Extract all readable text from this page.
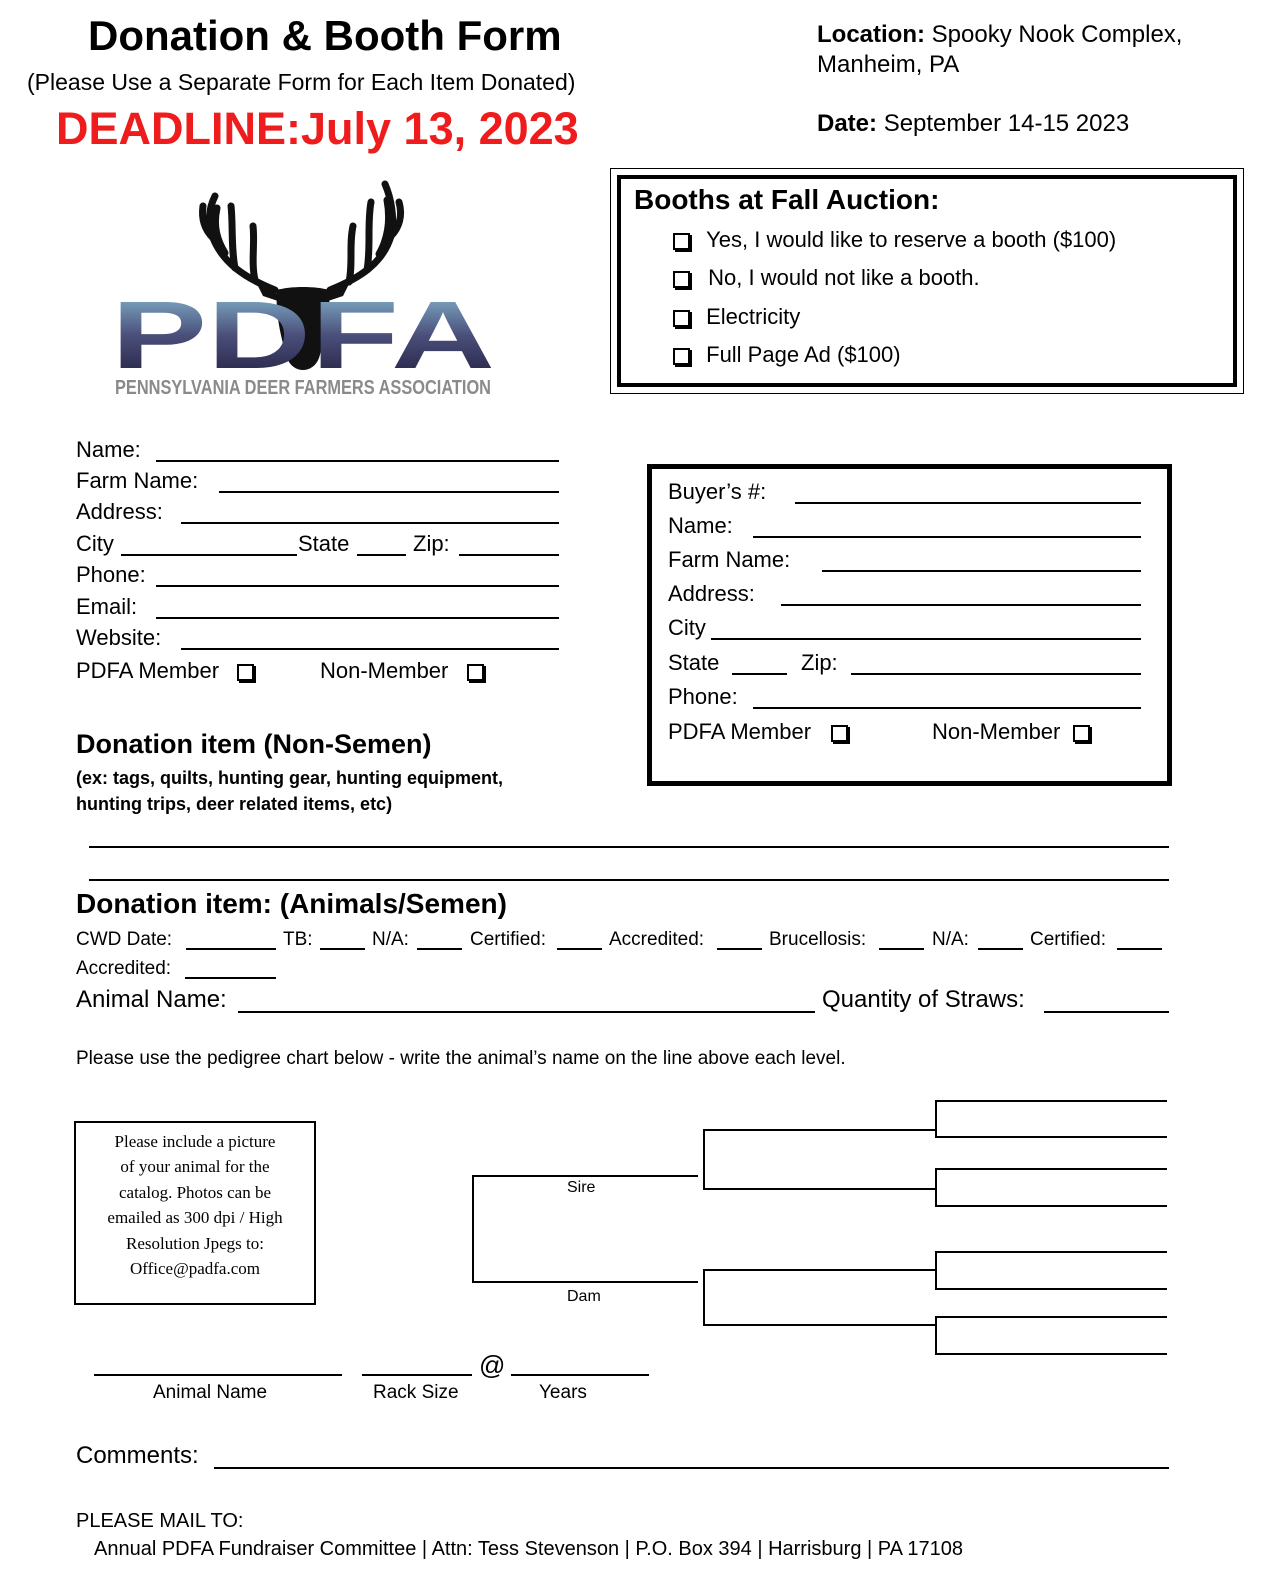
Donation & Booth Form
(Please Use a Separate Form for Each Item Donated)
DEADLINE:July 13, 2023
Location: Spooky Nook Complex,
Manheim, PA
Date: September 14-15 2023
PDFA
PENNSYLVANIA DEER FARMERS ASSOCIATION
Booths at Fall Auction:
Yes, I would like to reserve a booth ($100)
No, I would not like a booth.
Electricity
Full Page Ad ($100)
Name:
Farm Name:
Address:
City	State	Zip:
Phone:
Email:
Website:
PDFA Member	Non-Member
Buyer’s #:
Name:
Farm Name:
Address:
City
State	Zip:
Phone:
PDFA Member	Non-Member
Donation item (Non-Semen)
(ex: tags, quilts, hunting gear, hunting equipment,
hunting trips, deer related items, etc)
Donation item: (Animals/Semen)
CWD Date:	TB:	N/A:	Certified:	Accredited:	Brucellosis:	N/A:	Certified:
Accredited:
Animal Name:	Quantity of Straws:
Please use the pedigree chart below - write the animal’s name on the line above each level.
Please include a picture
of your animal for the
catalog. Photos can be
emailed as 300 dpi / High
Resolution Jpegs to:
Office@padfa.com
Sire
Dam
@
Animal Name	Rack Size	Years
Comments:
PLEASE MAIL TO:
Annual PDFA Fundraiser Committee | Attn: Tess Stevenson | P.O. Box 394 | Harrisburg | PA 17108
